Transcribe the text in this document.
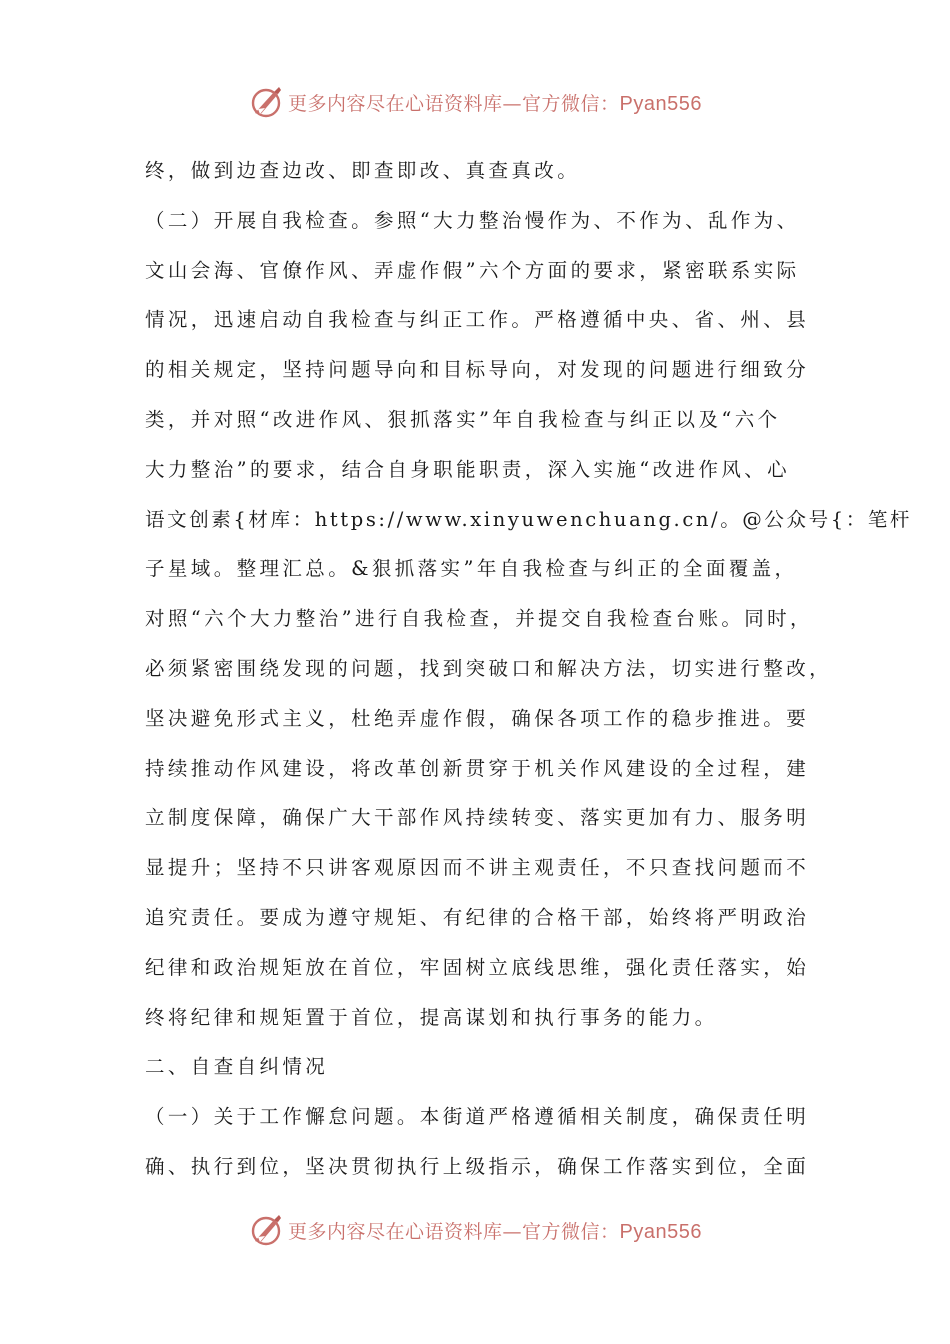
更多内容尽在心语资料库—官方微信：Pyan556
终，做到边查边改、即查即改、真查真改。
（二）开展自我检查。参照“大力整治慢作为、不作为、乱作为、
文山会海、官僚作风、弄虚作假”六个方面的要求，紧密联系实际
情况，迅速启动自我检查与纠正工作。严格遵循中央、省、州、县
的相关规定，坚持问题导向和目标导向，对发现的问题进行细致分
类，并对照“改进作风、狠抓落实”年自我检查与纠正以及“六个
大力整治”的要求，结合自身职能职责，深入实施“改进作风、心
语文创素{材库：https://www.xinyuwenchuang.cn/。@公众号{：笔杆
子星域。整理汇总。&狠抓落实”年自我检查与纠正的全面覆盖，
对照“六个大力整治”进行自我检查，并提交自我检查台账。同时，
必须紧密围绕发现的问题，找到突破口和解决方法，切实进行整改，
坚决避免形式主义，杜绝弄虚作假，确保各项工作的稳步推进。要
持续推动作风建设，将改革创新贯穿于机关作风建设的全过程，建
立制度保障，确保广大干部作风持续转变、落实更加有力、服务明
显提升；坚持不只讲客观原因而不讲主观责任，不只查找问题而不
追究责任。要成为遵守规矩、有纪律的合格干部，始终将严明政治
纪律和政治规矩放在首位，牢固树立底线思维，强化责任落实，始
终将纪律和规矩置于首位，提高谋划和执行事务的能力。
二、自查自纠情况
（一）关于工作懈怠问题。本街道严格遵循相关制度，确保责任明
确、执行到位，坚决贯彻执行上级指示，确保工作落实到位，全面
更多内容尽在心语资料库—官方微信：Pyan556
